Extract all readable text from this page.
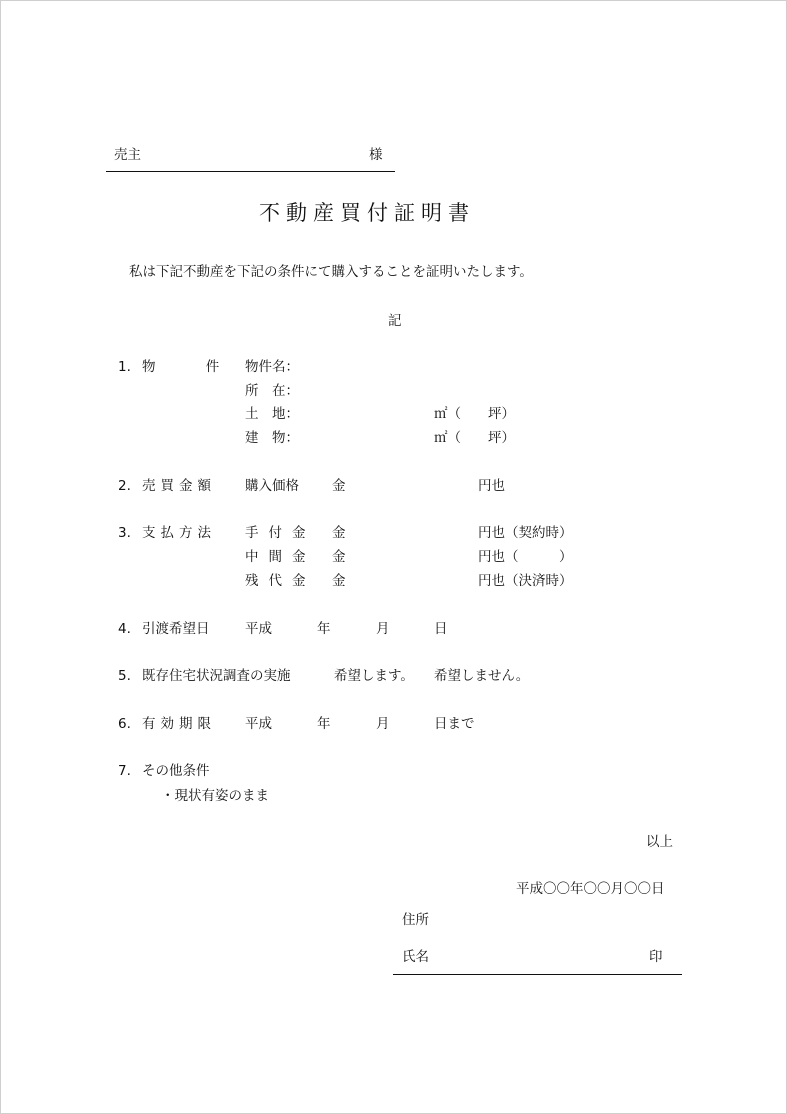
売主	様
不動産買付証明書
私は下記不動産を下記の条件にて購入することを証明いたします。
記
1. 物 件 物件名：
所　在：
土　地：	㎡（　　坪）
建　物：	㎡（　　坪）
2. 売買金額 購入価格 金	円也
3. 支払方法 手付金 金	円也（契約時）
中間金 金	円也（　　　）
残代金 金	円也（決済時）
4. 引渡希望日	平成	年	月	日
5. 既存住宅状況調査の実施	希望します。 希望しません。
6. 有効期限 平成	年	月	日まで
7. その他条件
・現状有姿のまま
以上
平成〇〇年〇〇月〇〇日
住所
氏名	印
